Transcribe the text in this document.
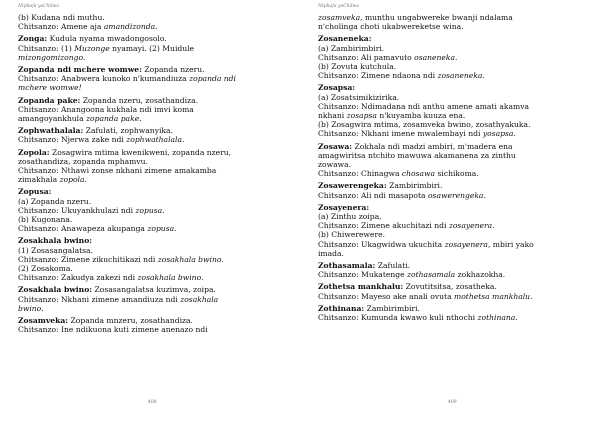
Ntphafa yaChilwa

(b) Kudana ndi muthu.
Chitsanzo: Amene aja amandizonda.

Zonga: Kudula nyama mwadongosolo.
Chitsanzo: (1) Muzonge nyamayi. (2) Muidule
mizongomizongo.

Zopanda ndi mchere womwe: Zopanda nzeru.
Chitsanzo: Anabwera kunoko n'kumandiuza zopanda ndi
mchere womwe!

Zopanda pake: Zopanda nzeru, zosathandiza.
Chitsanzo: Anangoona kukhala ndi imvi koma
amangoyankhula zopanda pake.

Zophwathalala: Zafulati, zophwanyika.
Chitsanzo: Njerwa zake ndi zophwathalala.

Zopola: Zosagwira mtima kwenikweni, zopanda nzeru,
zosathandiza, zopanda mphamvu.
Chitsanzo: Nthawi zonse nkhani zimene amakamba
zimakhala zopola.

Zopusa:
(a) Zopanda nzeru.
Chitsanzo: Ukuyankhulazi ndi zopusa.
(b) Kugonana.
Chitsanzo: Anawapeza akupanga zopusa.

Zosakhala bwino:
(1) Zosasangalatsa.
Chitsanzo: Zimene zikuchitikazi ndi zosakhala bwino.
(2) Zosakoma.
Chitsanzo: Zakudya zakezi ndi zosakhala bwino.

Zosakhala bwino: Zosasangalatsa kuzimva, zoipa.
Chitsanzo: Nkhani zimene amandiuza ndi zosakhala
bwino.

Zosamveka: Zopanda mnzeru, zosathandiza.
Chitsanzo: Ine ndikuona kuti zimene anenazo ndi

408
Ntphafa yaChilwa

zosamveka, munthu ungabwereke bwanji ndalama
n'cholinga choti ukabwereketse wina.

Zosaneneka:
(a) Zambirimbiri.
Chitsanzo: Ali pamavuto osaneneka.
(b) Zovuta kutchula.
Chitsanzo: Zimene ndaona ndi zosaneneka.

Zosapsa:
(a) Zosatsimikizirika.
Chitsanzo: Ndimadana ndi anthu amene amati akamva
nkhani zosapsa n'kuyamba kuuza ena.
(b) Zosagwira mtima, zosamveka bwino, zosathyakuka.
Chitsanzo: Nkhani imene mwalembayi ndi yosapsa.

Zosawa: Zokhala ndi madzi ambiri, m'madera ena
amagwiritsa ntchito mawuwa akamanena za zinthu
zowawa.
Chitsanzo: Chinagwa chosawa sichikoma.

Zosawerengeka: Zambirimbiri.
Chitsanzo: Ali ndi masapota osawerengeka.

Zosayenera:
(a) Zinthu zoipa,
Chitsanzo: Zimene akuchitazi ndi zosayenera.
(b) Chiwerewere.
Chitsanzo: Ukagwidwa ukuchita zosayenera, mbiri yako
imada.

Zothasamala: Zafulati.
Chitsanzo: Mukatenge zothasamala zokhazokha.

Zothetsa mankhalu: Zovutitsitsa, zosatheka.
Chitsanzo: Mayeso ake anali ovuta mothetsa mankhalu.

Zothinana: Zambirimbiri.
Chitsanzo: Kumunda kwawo kuli nthochi zothinana.

409
